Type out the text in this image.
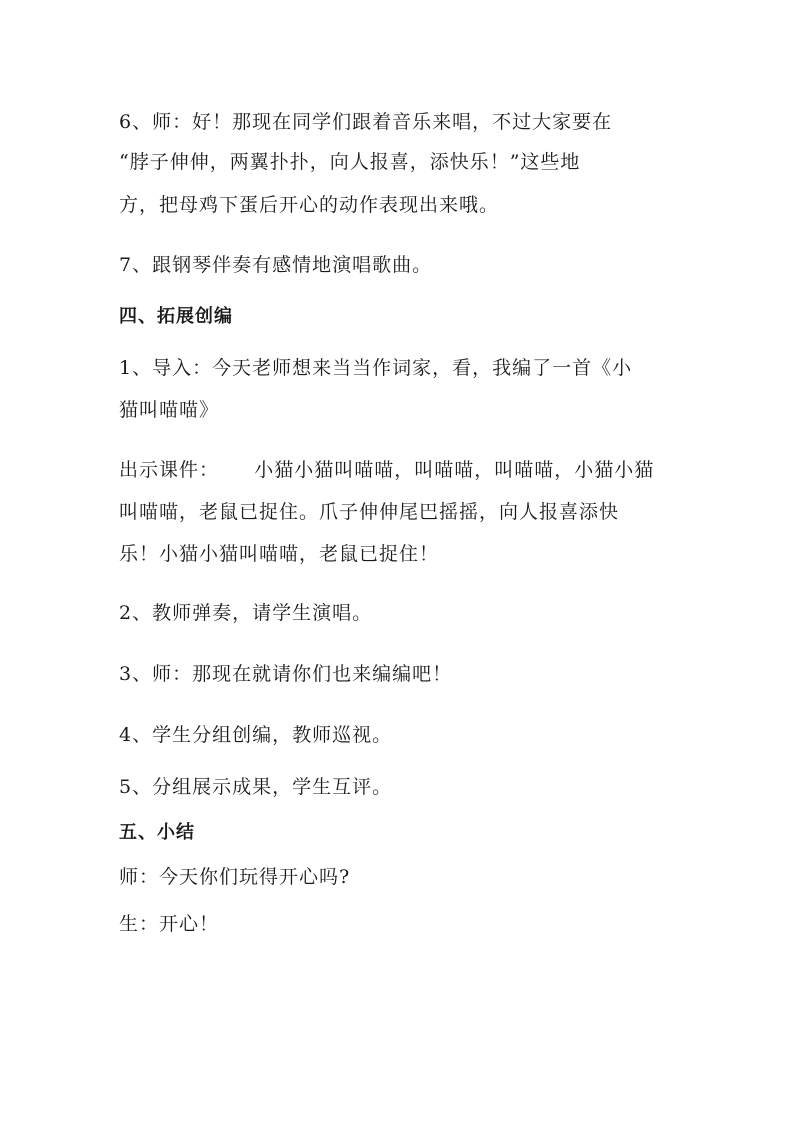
6、师：好！那现在同学们跟着音乐来唱，不过大家要在
“脖子伸伸，两翼扑扑，向人报喜，添快乐！”这些地
方，把母鸡下蛋后开心的动作表现出来哦。
7、跟钢琴伴奏有感情地演唱歌曲。
四、拓展创编
1、导入：今天老师想来当当作词家，看，我编了一首《小
猫叫喵喵》
出示课件：     小猫小猫叫喵喵，叫喵喵，叫喵喵，小猫小猫
叫喵喵，老鼠已捉住。爪子伸伸尾巴摇摇，向人报喜添快
乐！小猫小猫叫喵喵，老鼠已捉住！
2、教师弹奏，请学生演唱。
3、师：那现在就请你们也来编编吧！
4、学生分组创编，教师巡视。
5、分组展示成果，学生互评。
五、小结
师：今天你们玩得开心吗?
生：开心！
